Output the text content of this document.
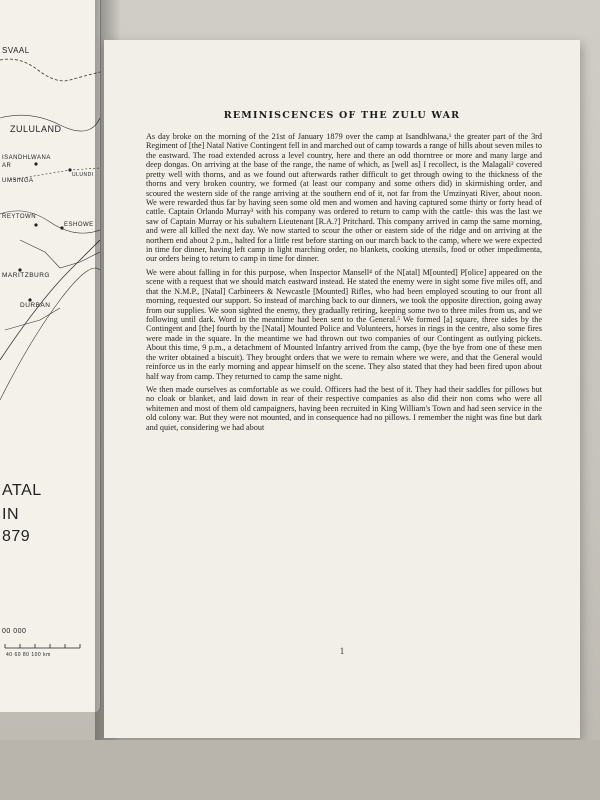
SVAAL
ZULULAND
ISANDHLWANA
AR
ULUNDI
UMSINGA
REYTOWN
ESHOWE
MARITZBURG
DURBAN
ATAL
IN
879
00 000
40 60 80 100 km
REMINISCENCES OF THE ZULU WAR

As day broke on the morning of the 21st of January 1879 over the camp at Isandhlwana,¹ the greater part of the 3rd Regiment of [the] Natal Native Contingent fell in and marched out of camp towards a range of hills about seven miles to the eastward. The road extended across a level country, here and there an odd thorntree or more and many large and deep dongas. On arriving at the base of the range, the name of which, as [well as] I recollect, is the Malagali² covered pretty well with thorns, and as we found out afterwards rather difficult to get through owing to the thickness of the thorns and very broken country, we formed (at least our company and some others did) in skirmishing order, and scoured the western side of the range arriving at the southern end of it, not far from the Umzinyati River, about noon. We were rewarded thus far by having seen some old men and women and having captured some thirty or forty head of cattle. Captain Orlando Murray³ with his company was ordered to return to camp with the cattle- this was the last we saw of Captain Murray or his subaltern Lieutenant [R.A.?] Pritchard. This company arrived in camp the same morning, and were all killed the next day. We now started to scour the other or eastern side of the ridge and on arriving at the northern end about 2 p.m., halted for a little rest before starting on our march back to the camp, where we were expected in time for dinner, having left camp in light marching order, no blankets, cooking utensils, food or other impedimenta, our orders being to return to camp in time for dinner.

We were about falling in for this purpose, when Inspector Mansell⁴ of the N[atal] M[ounted] P[olice] appeared on the scene with a request that we should match eastward instead. He stated the enemy were in sight some five miles off, and that the N.M.P., [Natal] Carbineers & Newcastle [Mounted] Rifles, who had been employed scouting to our front all morning, requested our support. So instead of marching back to our dinners, we took the opposite direction, going away from our supplies. We soon sighted the enemy, they gradually retiring, keeping some two to three miles from us, and we following until dark. Word in the meantime had been sent to the General.⁵ We formed [a] square, three sides by the Contingent and [the] fourth by the [Natal] Mounted Police and Volunteers, horses in rings in the centre, also some fires were made in the square. In the meantime we had thrown out two companies of our Contingent as outlying pickets. About this time, 9 p.m., a detachment of Mounted Infantry arrived from the camp, (bye the bye from one of these men the writer obtained a biscuit). They brought orders that we were to remain where we were, and that the General would reinforce us in the early morning and appear himself on the scene. They also stated that they had been fired upon about half way from camp. They returned to camp the same night.

We then made ourselves as comfortable as we could. Officers had the best of it. They had their saddles for pillows but no cloak or blanket, and laid down in rear of their respective companies as also did their non coms who were all whitemen and most of them old campaigners, having been recruited in King William's Town and had seen service in the old colony war. But they were not mounted, and in consequence had no pillows. I remember the night was fine but dark and quiet, considering we had about

1
